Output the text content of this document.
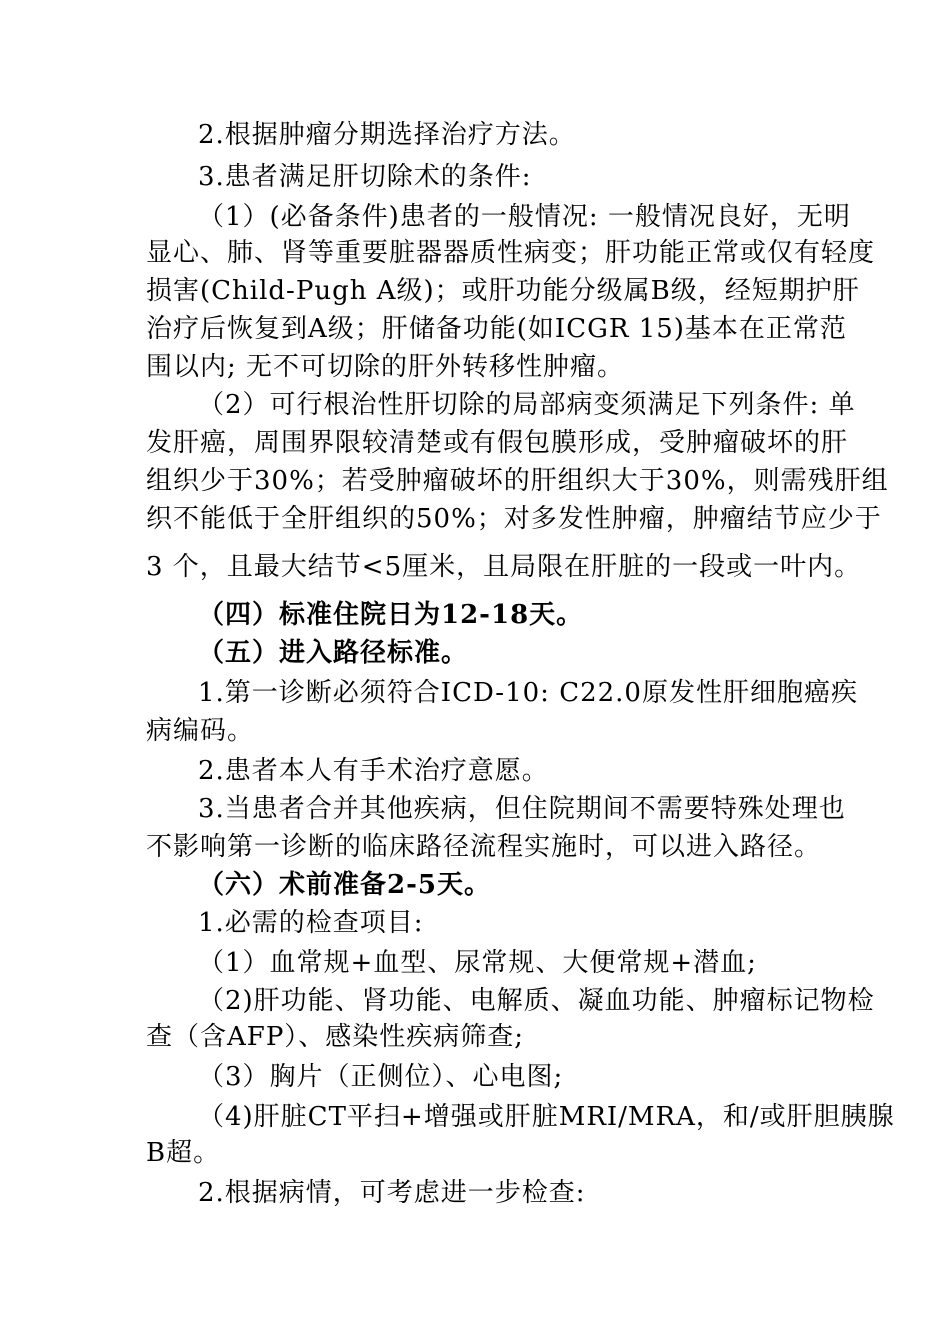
2.根据肿瘤分期选择治疗方法。

3.患者满足肝切除术的条件:

（1）(必备条件)患者的一般情况: 一般情况良好，无明

显心、肺、肾等重要脏器器质性病变；肝功能正常或仅有轻度

损害(Child-Pugh A级)；或肝功能分级属B级，经短期护肝

治疗后恢复到A级；肝储备功能(如ICGR 15)基本在正常范

围以内; 无不可切除的肝外转移性肿瘤。

（2）可行根治性肝切除的局部病变须满足下列条件: 单

发肝癌，周围界限较清楚或有假包膜形成，受肿瘤破坏的肝

组织少于30%；若受肿瘤破坏的肝组织大于30%，则需残肝组

织不能低于全肝组织的50%；对多发性肿瘤，肿瘤结节应少于

3 个，且最大结节<5厘米，且局限在肝脏的一段或一叶内。

（四）标准住院日为12-18天。

（五）进入路径标准。

1.第一诊断必须符合ICD-10: C22.0原发性肝细胞癌疾

病编码。

2.患者本人有手术治疗意愿。

3.当患者合并其他疾病，但住院期间不需要特殊处理也

不影响第一诊断的临床路径流程实施时，可以进入路径。

（六）术前准备2-5天。

1.必需的检查项目:

（1）血常规+血型、尿常规、大便常规+潜血;

（2)肝功能、肾功能、电解质、凝血功能、肿瘤标记物检

查（含AFP）、感染性疾病筛查;

（3）胸片（正侧位）、心电图;

（4)肝脏CT平扫+增强或肝脏MRI/MRA，和/或肝胆胰腺

B超。

2.根据病情，可考虑进一步检查:
